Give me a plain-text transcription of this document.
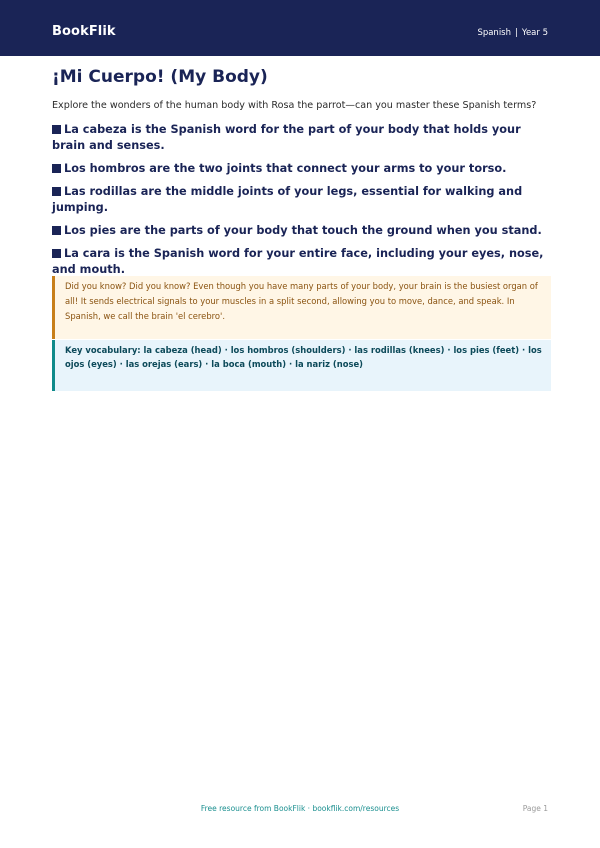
BookFlik	Spanish | Year 5
¡Mi Cuerpo! (My Body)

Explore the wonders of the human body with Rosa the parrot—can you master these Spanish terms?

La cabeza is the Spanish word for the part of your body that holds your brain and senses.
Los hombros are the two joints that connect your arms to your torso.
Las rodillas are the middle joints of your legs, essential for walking and jumping.
Los pies are the parts of your body that touch the ground when you stand.
La cara is the Spanish word for your entire face, including your eyes, nose, and mouth.

Did you know? Did you know? Even though you have many parts of your body, your brain is the busiest organ of all! It sends electrical signals to your muscles in a split second, allowing you to move, dance, and speak. In Spanish, we call the brain 'el cerebro'.

Key vocabulary: la cabeza (head) · los hombros (shoulders) · las rodillas (knees) · los pies (feet) · los ojos (eyes) · las orejas (ears) · la boca (mouth) · la nariz (nose)

Free resource from BookFlik · bookflik.com/resources	Page 1
